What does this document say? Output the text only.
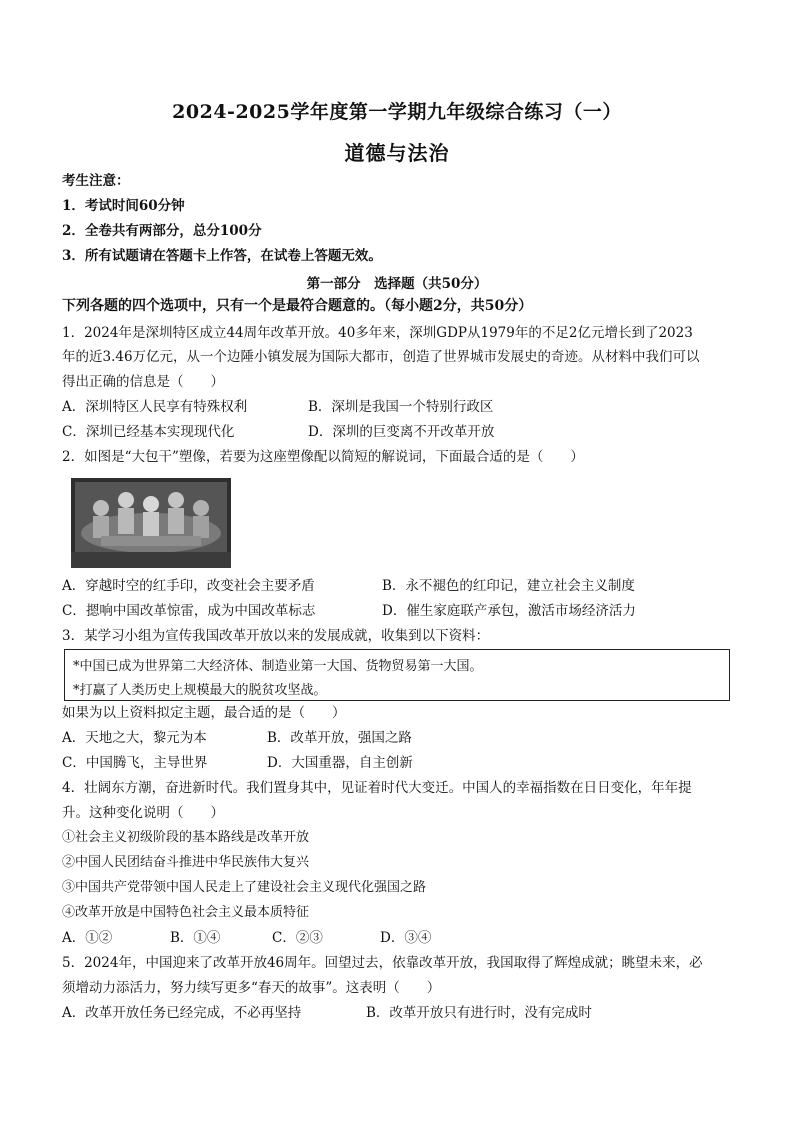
2024-2025学年度第一学期九年级综合练习（一）
道德与法治
考生注意：
1．考试时间60分钟
2．全卷共有两部分，总分100分
3．所有试题请在答题卡上作答，在试卷上答题无效。
第一部分　选择题（共50分）
下列各题的四个选项中，只有一个是最符合题意的。（每小题2分，共50分）
1．2024年是深圳特区成立44周年改革开放。40多年来，深圳GDP从1979年的不足2亿元增长到了2023
年的近3.46万亿元，从一个边陲小镇发展为国际大都市，创造了世界城市发展史的奇迹。从材料中我们可以
得出正确的信息是（　　）
A．深圳特区人民享有特殊权利	B．深圳是我国一个特别行政区
C．深圳已经基本实现现代化	D．深圳的巨变离不开改革开放
2．如图是“大包干”塑像，若要为这座塑像配以简短的解说词，下面最合适的是（　　）
A．穿越时空的红手印，改变社会主要矛盾	B．永不褪色的红印记，建立社会主义制度
C．摁响中国改革惊雷，成为中国改革标志	D．催生家庭联产承包，激活市场经济活力
3．某学习小组为宣传我国改革开放以来的发展成就，收集到以下资料：
*中国已成为世界第二大经济体、制造业第一大国、货物贸易第一大国。
*打赢了人类历史上规模最大的脱贫攻坚战。
如果为以上资料拟定主题，最合适的是（　　）
A．天地之大，黎元为本	B．改革开放，强国之路
C．中国腾飞，主导世界	D．大国重器，自主创新
4．壮阔东方潮，奋进新时代。我们置身其中，见证着时代大变迁。中国人的幸福指数在日日变化，年年提
升。这种变化说明（　　）
①社会主义初级阶段的基本路线是改革开放
②中国人民团结奋斗推进中华民族伟大复兴
③中国共产党带领中国人民走上了建设社会主义现代化强国之路
④改革开放是中国特色社会主义最本质特征
A．①②	B．①④	C．②③	D．③④
5．2024年，中国迎来了改革开放46周年。回望过去，依靠改革开放，我国取得了辉煌成就；眺望未来，必
须增动力添活力，努力续写更多“春天的故事”。这表明（　　）
A．改革开放任务已经完成，不必再坚持	B．改革开放只有进行时，没有完成时
